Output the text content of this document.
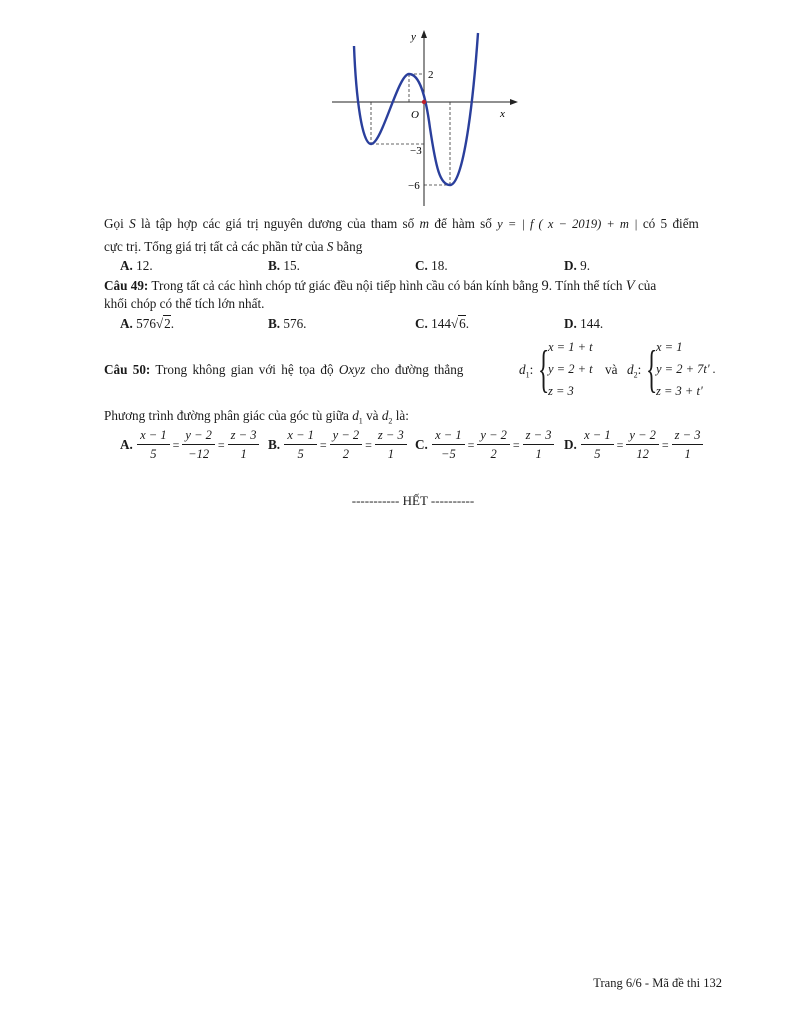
y
x
O
2
−3
−6
Gọi S là tập hợp các giá trị nguyên dương của tham số m để hàm số y = | f ( x − 2019) + m | có 5 điểm
cực trị. Tổng giá trị tất cả các phần tử của S bằng
A. 12.	B. 15.	C. 18.	D. 9.
Câu 49: Trong tất cả các hình chóp tứ giác đều nội tiếp hình cầu có bán kính bằng 9. Tính thể tích V của
khối chóp có thể tích lớn nhất.
A. 576√2.	B. 576.	C. 144√6.	D. 144.
Câu 50: Trong không gian với hệ tọa độ Oxyz cho đường thẳng	$d_1$: {
x = 1 + t
y = 2 + t
z = 3
và $d_2$: {
x = 1
y = 2 + 7t' .
z = 3 + t'
Phương trình đường phân giác của góc tù giữa $d_1$ và $d_2$ là:
A. $\frac{x - 1}{5} = \frac{y - 2}{-12} = \frac{z - 3}{1} B$. $\frac{x - 1}{5} = \frac{y - 2}{2} = \frac{z - 3}{1} C$. $\frac{x - 1}{-5} = \frac{y - 2}{2} = \frac{z - 3}{1} D$. $\frac{x - 1}{5} = \frac{y - 2}{12} = \frac{z - 3}{1}$
----------- HẾT ----------
Trang 6/6 - Mã đề thi 132
